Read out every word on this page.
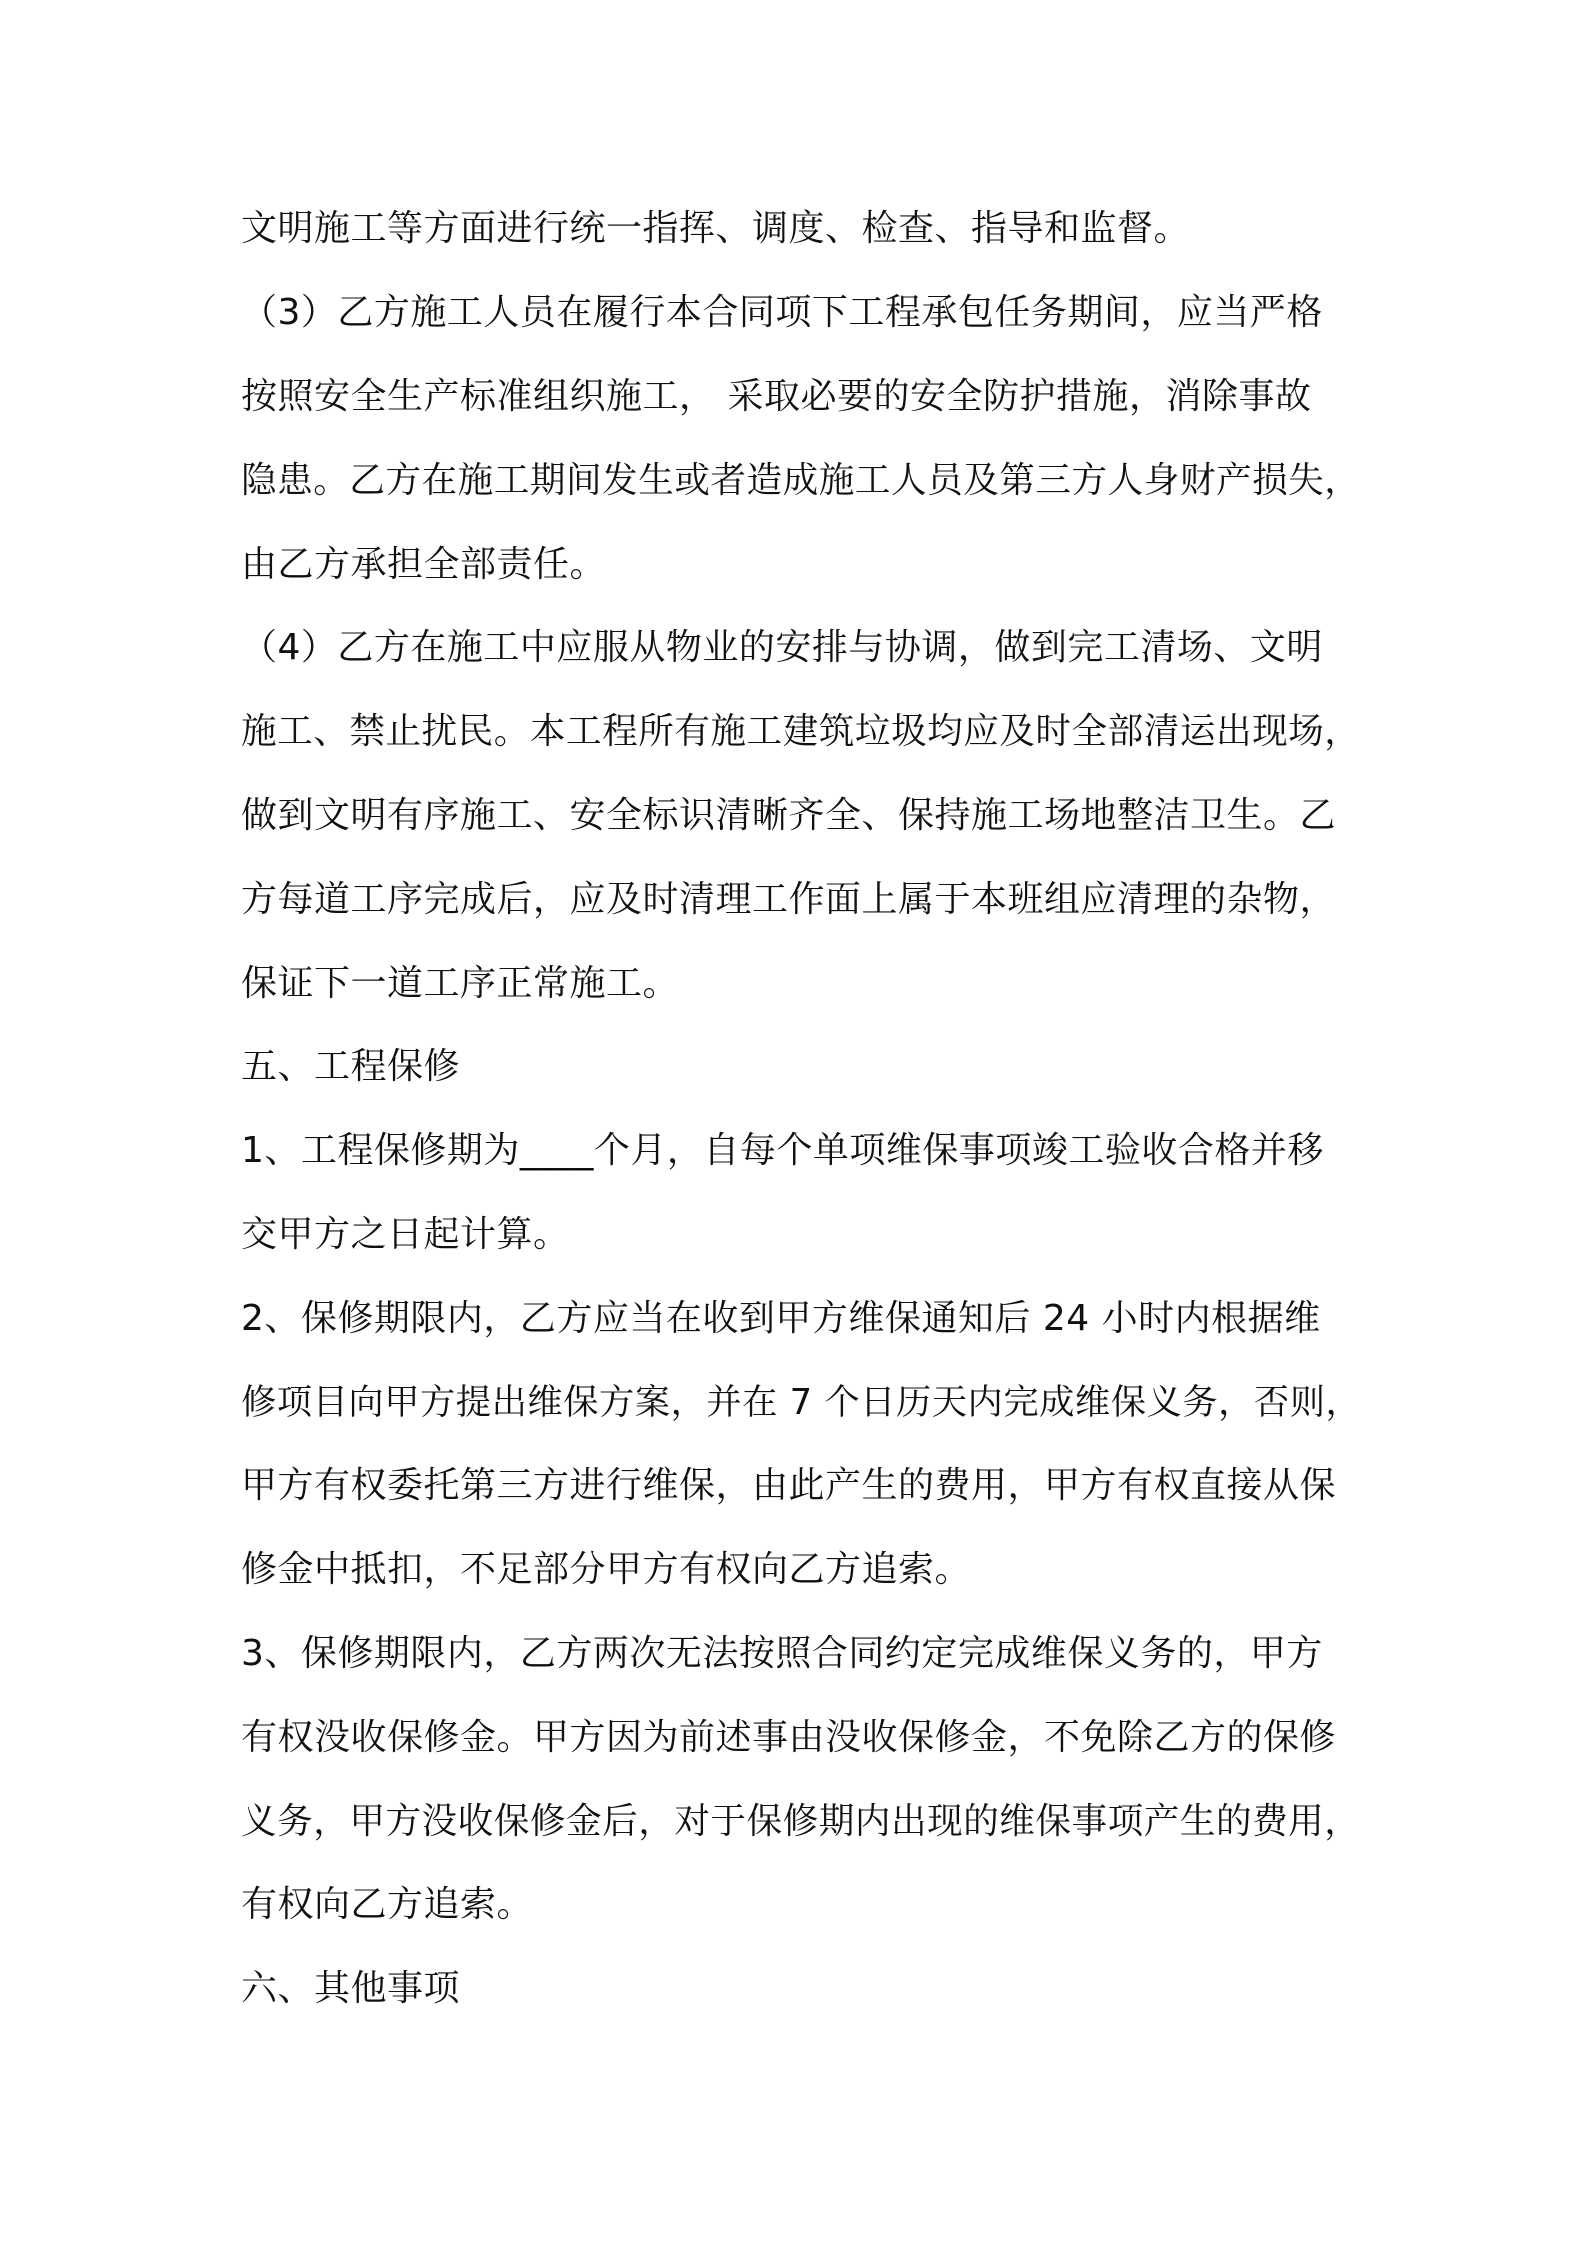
文明施工等方面进行统一指挥、调度、检查、指导和监督。
（3）乙方施工人员在履行本合同项下工程承包任务期间，应当严格
按照安全生产标准组织施工， 采取必要的安全防护措施，消除事故
隐患。乙方在施工期间发生或者造成施工人员及第三方人身财产损失，
由乙方承担全部责任。
（4）乙方在施工中应服从物业的安排与协调，做到完工清场、文明
施工、禁止扰民。本工程所有施工建筑垃圾均应及时全部清运出现场，
做到文明有序施工、安全标识清晰齐全、保持施工场地整洁卫生。乙
方每道工序完成后，应及时清理工作面上属于本班组应清理的杂物，
保证下一道工序正常施工。
五、工程保修
1、工程保修期为____个月，自每个单项维保事项竣工验收合格并移
交甲方之日起计算。
2、保修期限内，乙方应当在收到甲方维保通知后 24 小时内根据维
修项目向甲方提出维保方案，并在 7 个日历天内完成维保义务，否则，
甲方有权委托第三方进行维保，由此产生的费用，甲方有权直接从保
修金中抵扣，不足部分甲方有权向乙方追索。
3、保修期限内，乙方两次无法按照合同约定完成维保义务的，甲方
有权没收保修金。甲方因为前述事由没收保修金，不免除乙方的保修
义务，甲方没收保修金后，对于保修期内出现的维保事项产生的费用，
有权向乙方追索。
六、其他事项
